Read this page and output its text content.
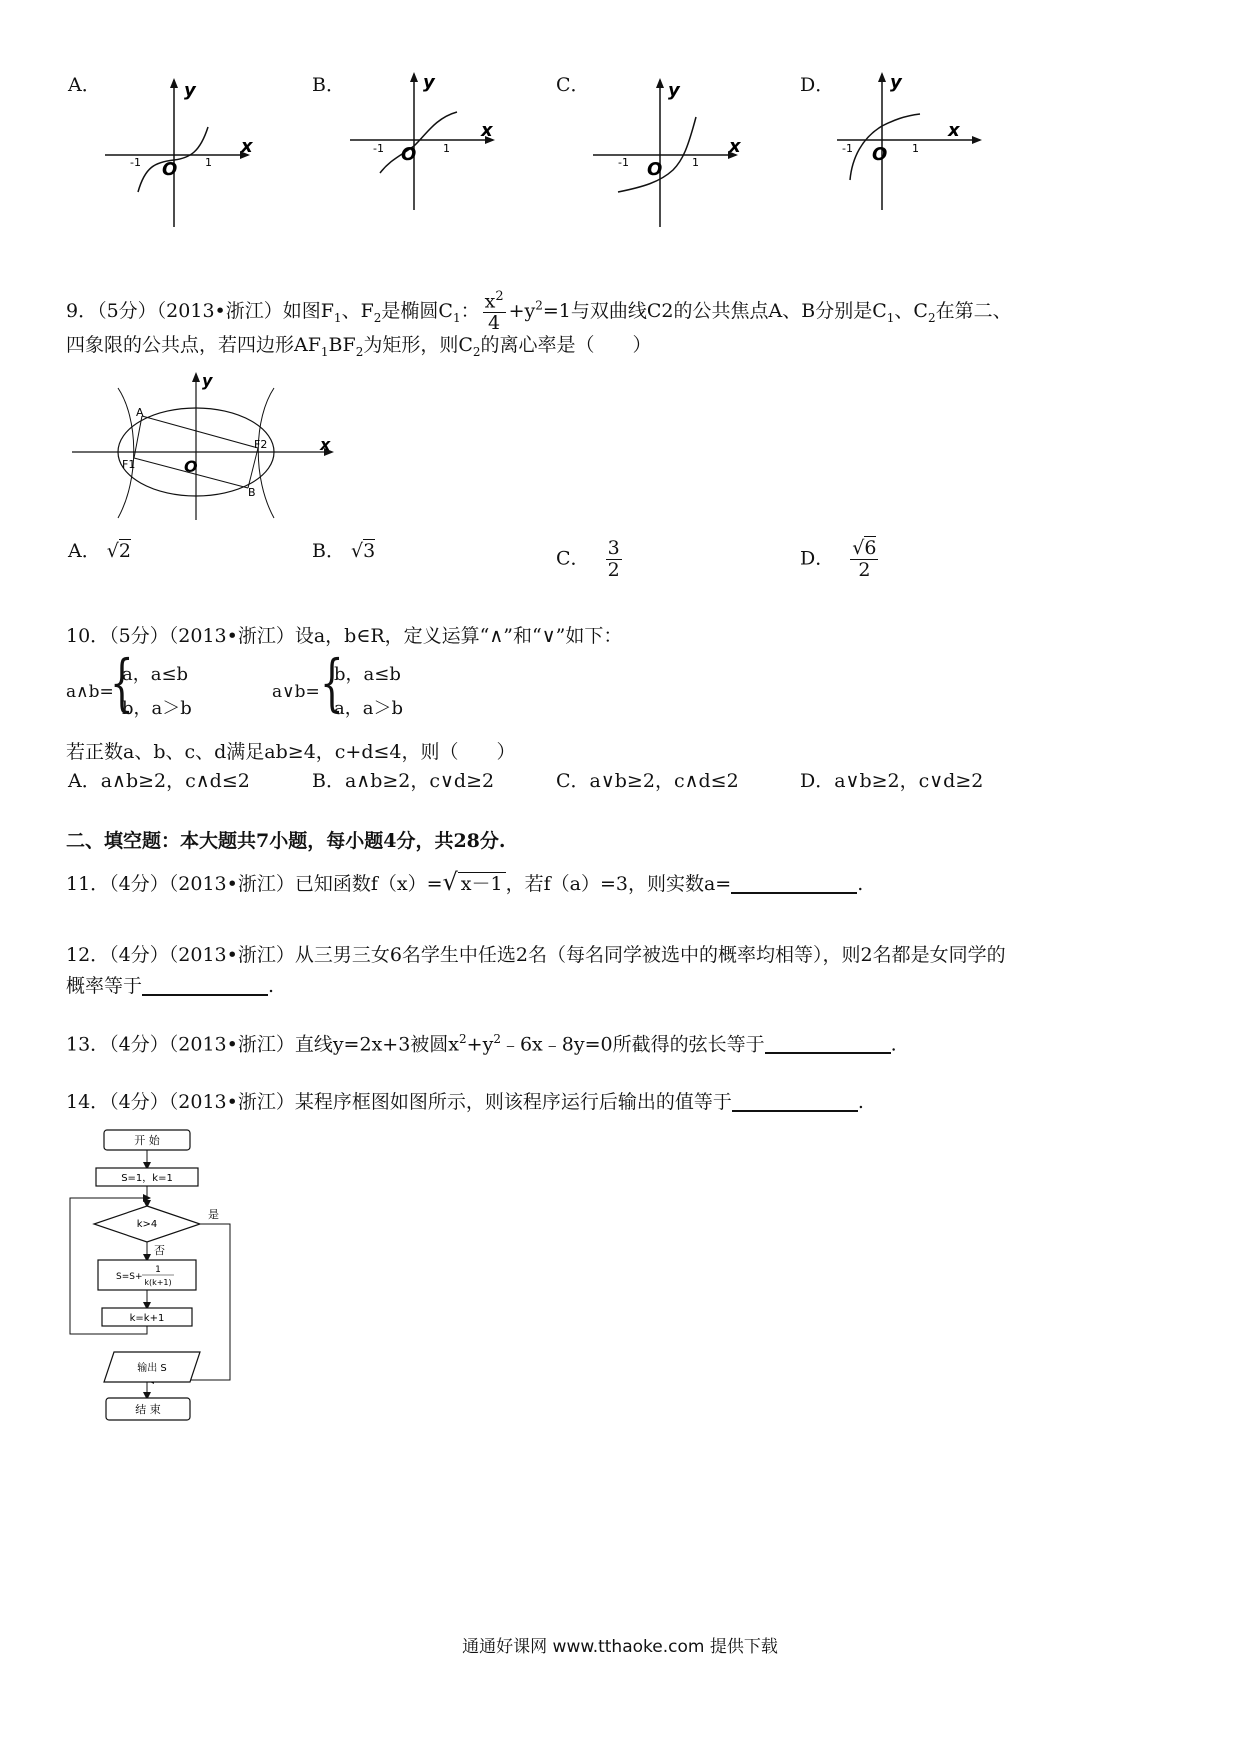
A．	B．	C．	D．
y
x
O
-1	1
y
x
O
-1	1
y
x
O
-1	1
y
x
O
-1	1
9．（5分）（2013•浙江）如图$F_1$、$F_2$是椭圆$C_1$： $\frac{x^2}{4} +y^2=1$与双曲线C2的公共焦点A、B分别是$C_1$、$C_2$在第二、
四象限的公共点，若四边形$AF_1BF_2$为矩形，则$C_2$的离心率是（　　）
y
x
O
A
B
F1
F2
A． √2	B． √3	C． $\frac{3}{2}$	D． $\frac{√6}{2}$
10．（5分）（2013•浙江）设a，b∈R，定义运算“∧”和“∨”如下：
a∧b=
{
a，a≤b
b，a＞b
a∨b= {
b，a≤b
a，a＞b
若正数a、b、c、d满足ab≥4，c+d≤4，则（　　）
A．a∧b≥2，c∧d≤2	B．a∧b≥2，c∨d≥2	C．a∨b≥2，c∧d≤2	D．a∨b≥2，c∨d≥2
二、填空题：本大题共7小题，每小题4分，共28分.
11．（4分）（2013•浙江）已知函数f（x）=√ x－1 ，若f（a）=3，则实数a=	.
12．（4分）（2013•浙江）从三男三女6名学生中任选2名（每名同学被选中的概率均相等），则2名都是女同学的
概率等于	.
13．（4分）（2013•浙江）直线y=2x+3被圆$x^2+y^2﹣6x﹣8y=0$所截得的弦长等于	.
14．（4分）（2013•浙江）某程序框图如图所示，则该程序运行后输出的值等于	.
开 始
S=1，k=1
k>4
是
否
S=S+
1
k(k+1)
k=k+1
输出 S
结 束
通通好课网 www.tthaoke.com 提供下载
